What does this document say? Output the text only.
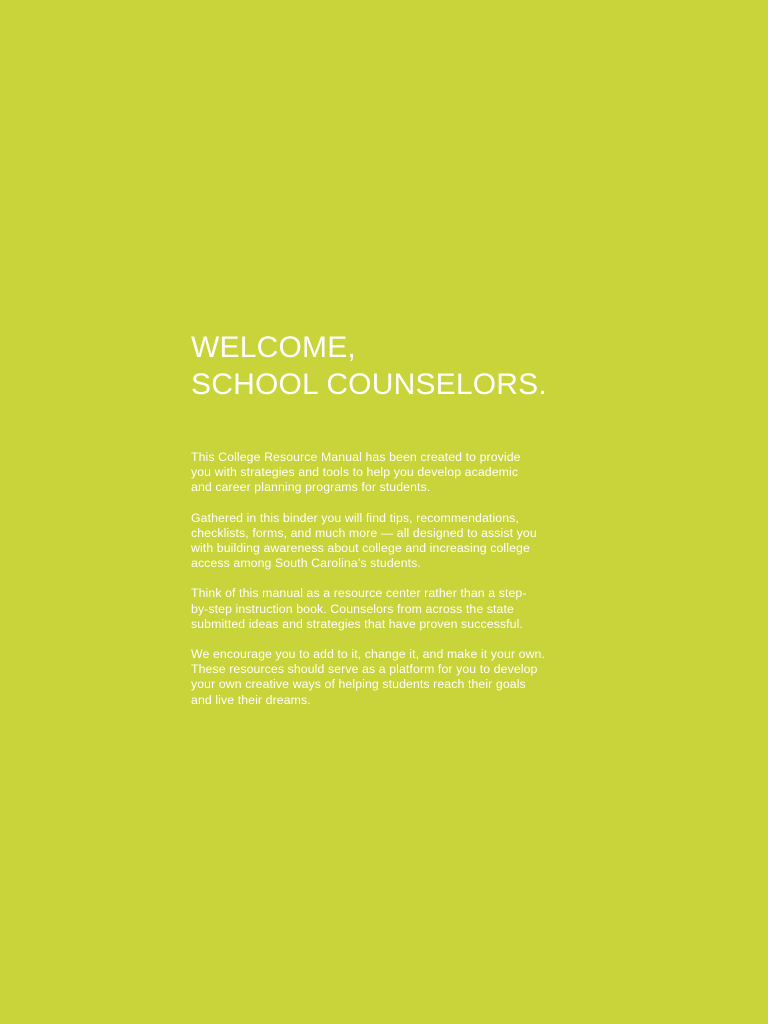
WELCOME,
SCHOOL COUNSELORS.

This College Resource Manual has been created to provide
you with strategies and tools to help you develop academic
and career planning programs for students.

Gathered in this binder you will find tips, recommendations,
checklists, forms, and much more — all designed to assist you
with building awareness about college and increasing college
access among South Carolina’s students.

Think of this manual as a resource center rather than a step-
by-step instruction book. Counselors from across the state
submitted ideas and strategies that have proven successful.

We encourage you to add to it, change it, and make it your own.
These resources should serve as a platform for you to develop
your own creative ways of helping students reach their goals
and live their dreams.
